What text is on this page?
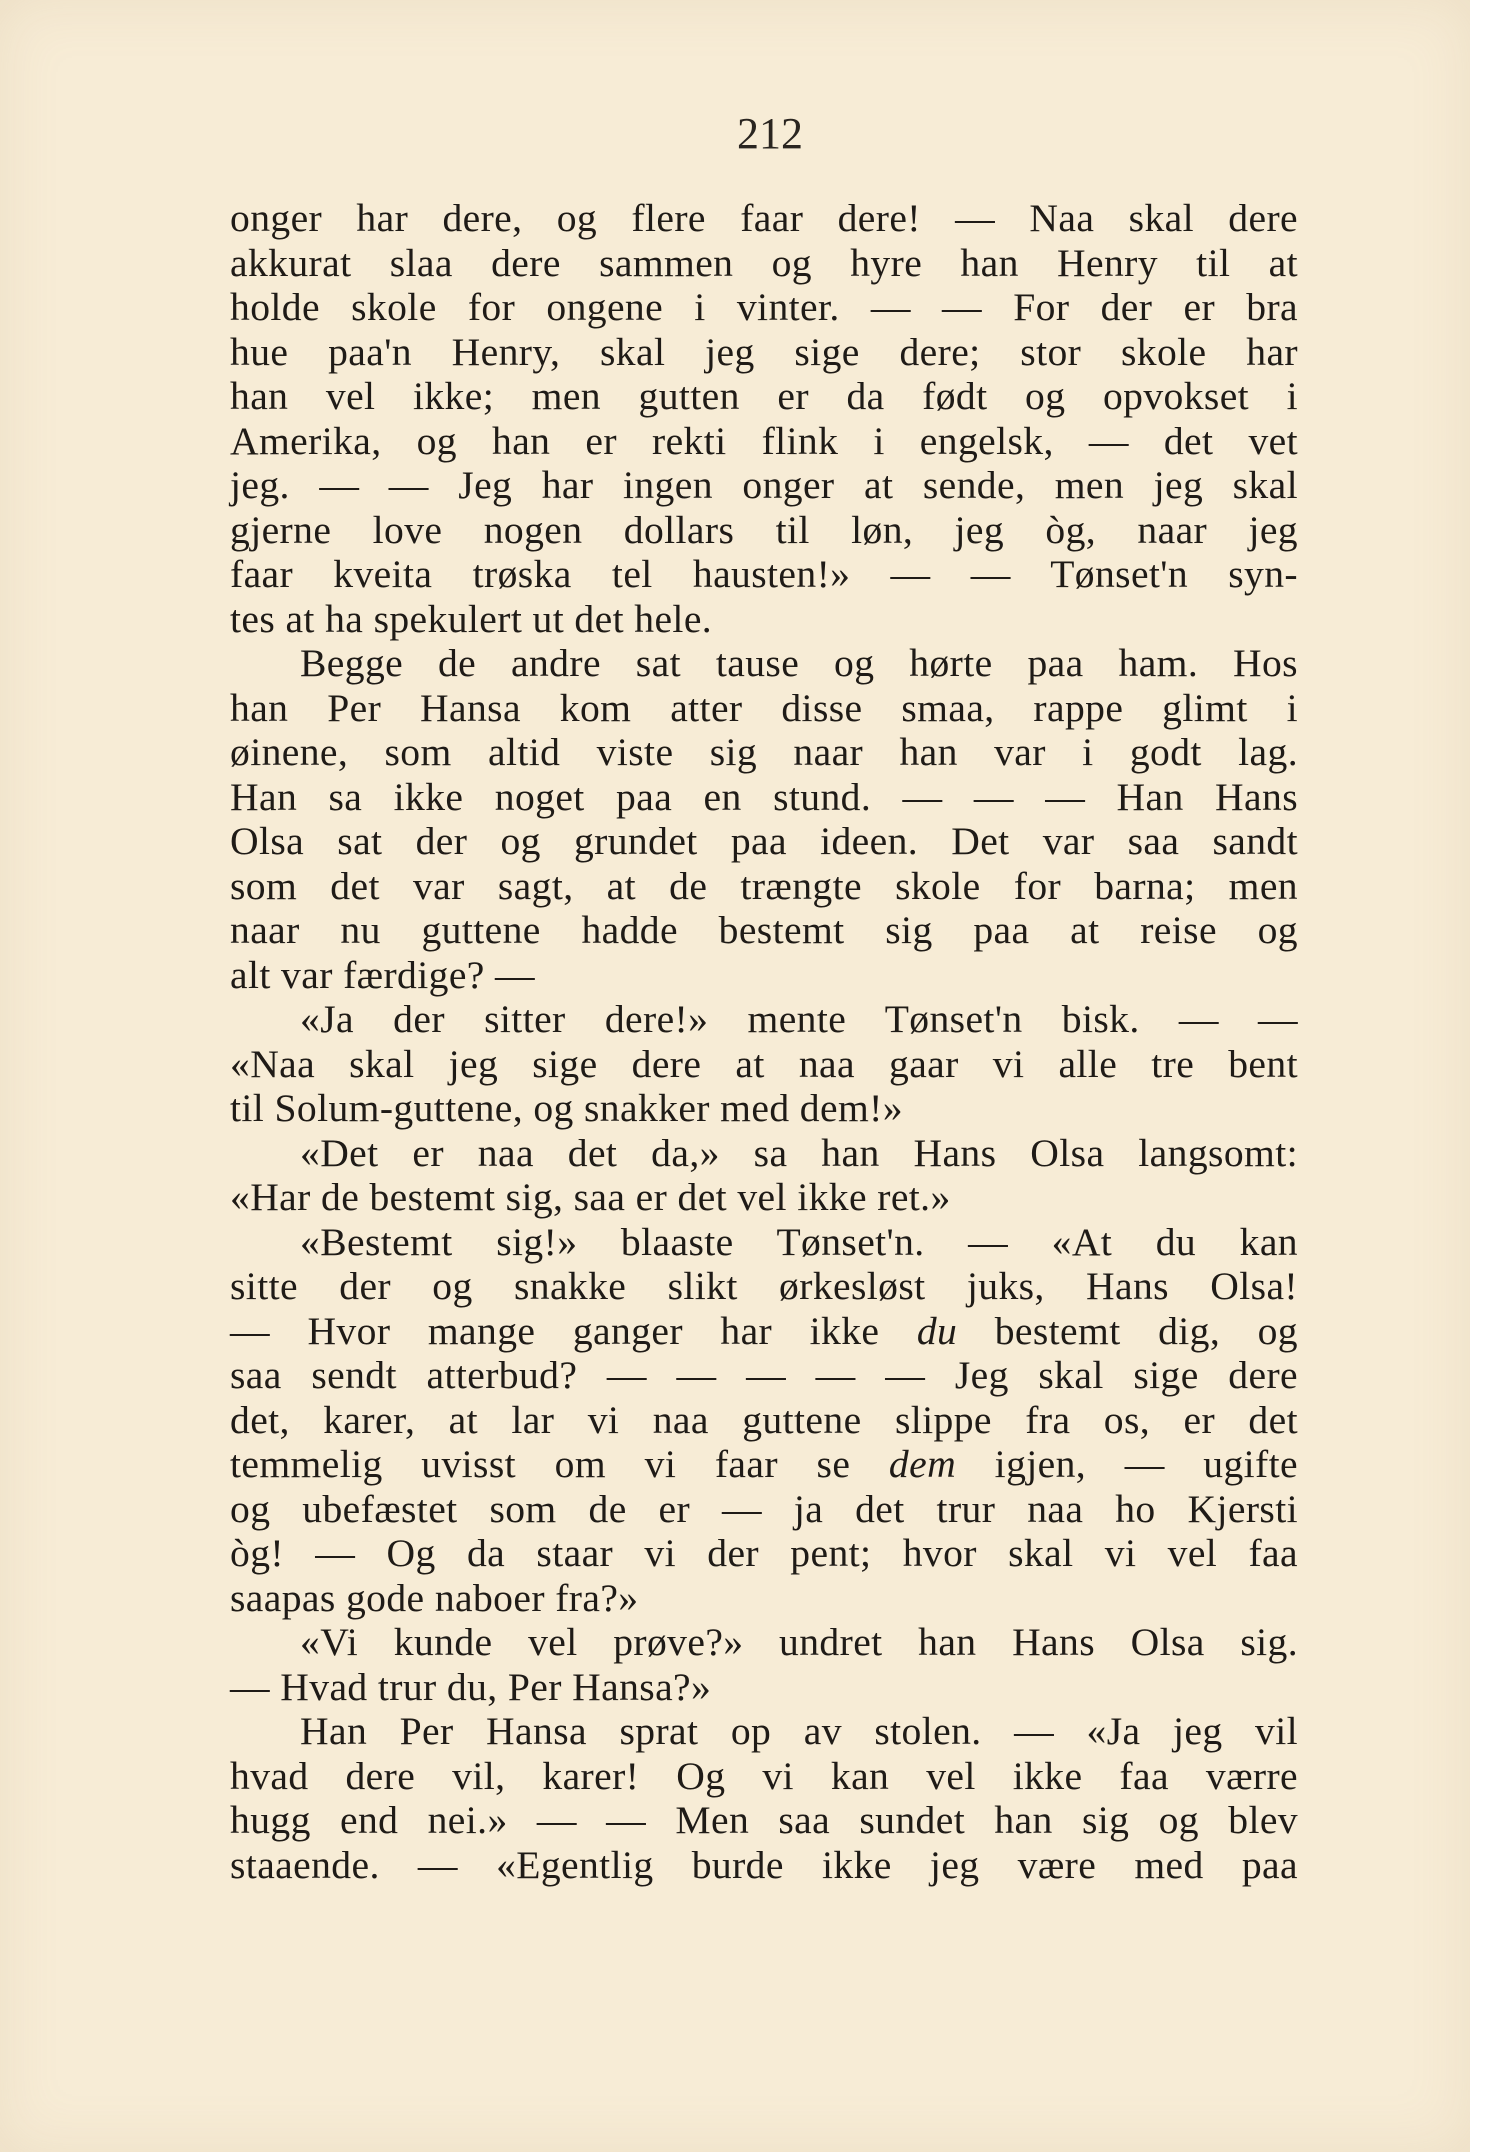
212
onger har dere, og flere faar dere! — Naa skal dere
akkurat slaa dere sammen og hyre han Henry til at
holde skole for ongene i vinter. — — For der er bra
hue paa'n Henry, skal jeg sige dere; stor skole har
han vel ikke; men gutten er da født og opvokset i
Amerika, og han er rekti flink i engelsk, — det vet
jeg. — — Jeg har ingen onger at sende, men jeg skal
gjerne love nogen dollars til løn, jeg òg, naar jeg
faar kveita trøska tel hausten!» — — Tønset'n syn-
tes at ha spekulert ut det hele.
Begge de andre sat tause og hørte paa ham. Hos
han Per Hansa kom atter disse smaa, rappe glimt i
øinene, som altid viste sig naar han var i godt lag.
Han sa ikke noget paa en stund. — — — Han Hans
Olsa sat der og grundet paa ideen. Det var saa sandt
som det var sagt, at de trængte skole for barna; men
naar nu guttene hadde bestemt sig paa at reise og
alt var færdige? —
«Ja der sitter dere!» mente Tønset'n bisk. — —
«Naa skal jeg sige dere at naa gaar vi alle tre bent
til Solum-guttene, og snakker med dem!»
«Det er naa det da,» sa han Hans Olsa langsomt:
«Har de bestemt sig, saa er det vel ikke ret.»
«Bestemt sig!» blaaste Tønset'n. — «At du kan
sitte der og snakke slikt ørkesløst juks, Hans Olsa!
— Hvor mange ganger har ikke du bestemt dig, og
saa sendt atterbud? — — — — — Jeg skal sige dere
det, karer, at lar vi naa guttene slippe fra os, er det
temmelig uvisst om vi faar se dem igjen, — ugifte
og ubefæstet som de er — ja det trur naa ho Kjersti
òg! — Og da staar vi der pent; hvor skal vi vel faa
saapas gode naboer fra?»
«Vi kunde vel prøve?» undret han Hans Olsa sig.
— Hvad trur du, Per Hansa?»
Han Per Hansa sprat op av stolen. — «Ja jeg vil
hvad dere vil, karer! Og vi kan vel ikke faa værre
hugg end nei.» — — Men saa sundet han sig og blev
staaende. — «Egentlig burde ikke jeg være med paa
